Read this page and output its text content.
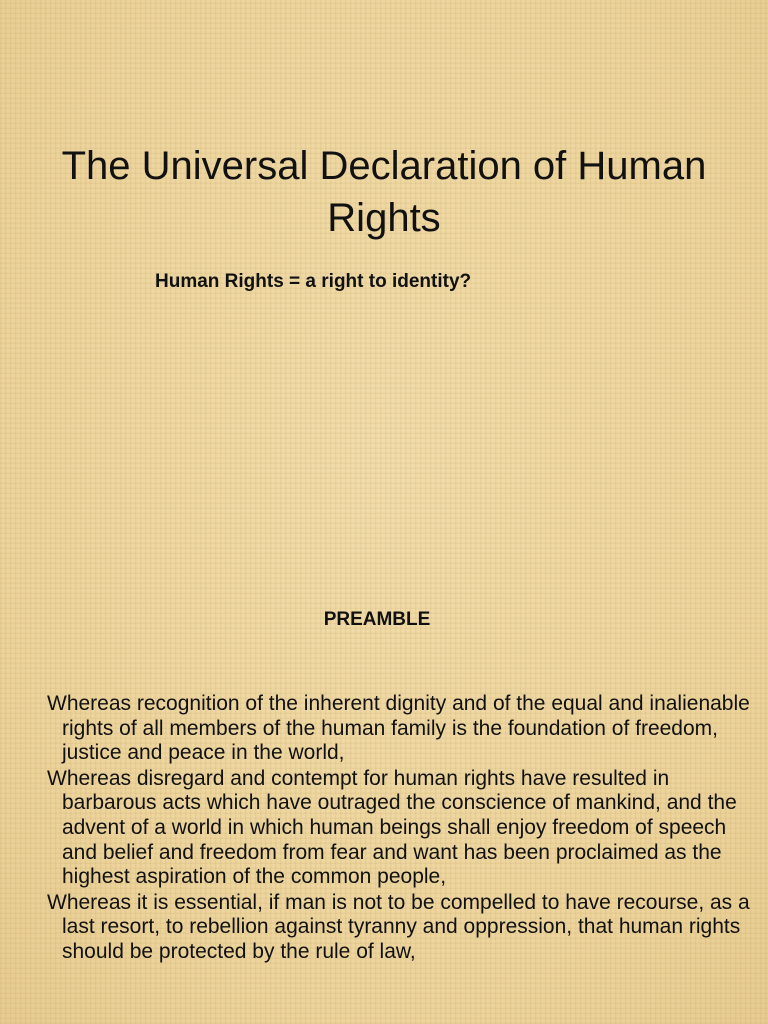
The Universal Declaration of Human Rights

Human Rights = a right to identity?

PREAMBLE

Whereas recognition of the inherent dignity and of the equal and inalienable rights of all members of the human family is the foundation of freedom, justice and peace in the world,
Whereas disregard and contempt for human rights have resulted in barbarous acts which have outraged the conscience of mankind, and the advent of a world in which human beings shall enjoy freedom of speech and belief and freedom from fear and want has been proclaimed as the highest aspiration of the common people,
Whereas it is essential, if man is not to be compelled to have recourse, as a last resort, to rebellion against tyranny and oppression, that human rights should be protected by the rule of law,
